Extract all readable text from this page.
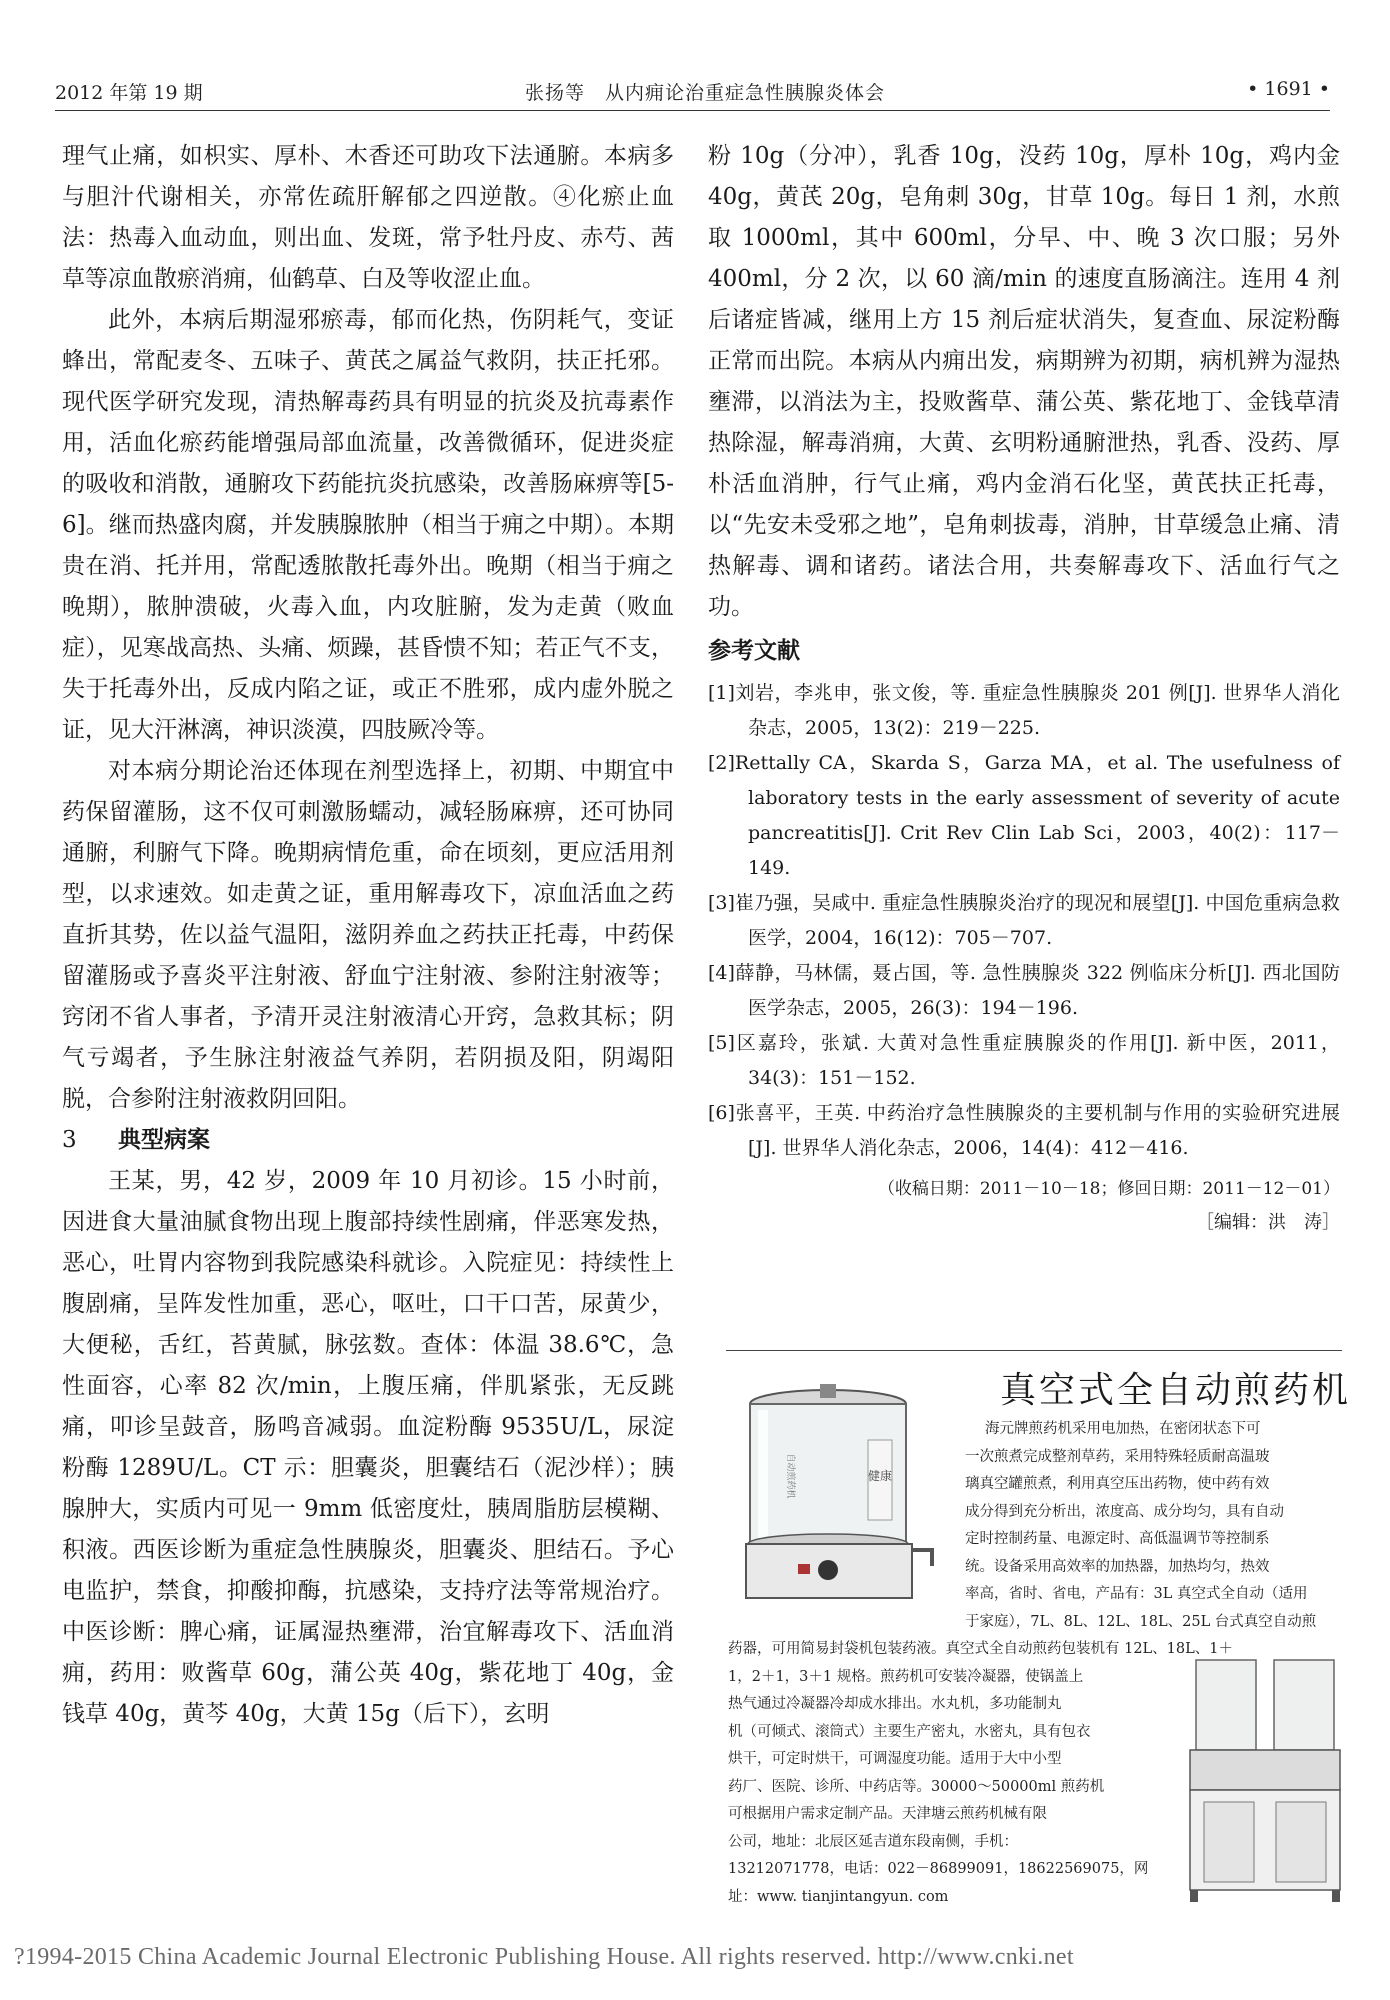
2012 年第 19 期	张扬等　从内痈论治重症急性胰腺炎体会	• 1691 •

理气止痛，如枳实、厚朴、木香还可助攻下法通腑。本病多与胆汁代谢相关，亦常佐疏肝解郁之四逆散。④化瘀止血法：热毒入血动血，则出血、发斑，常予牡丹皮、赤芍、茜草等凉血散瘀消痈，仙鹤草、白及等收涩止血。

此外，本病后期湿邪瘀毒，郁而化热，伤阴耗气，变证蜂出，常配麦冬、五味子、黄芪之属益气救阴，扶正托邪。现代医学研究发现，清热解毒药具有明显的抗炎及抗毒素作用，活血化瘀药能增强局部血流量，改善微循环，促进炎症的吸收和消散，通腑攻下药能抗炎抗感染，改善肠麻痹等[5-6]。继而热盛肉腐，并发胰腺脓肿（相当于痈之中期）。本期贵在消、托并用，常配透脓散托毒外出。晚期（相当于痈之晚期），脓肿溃破，火毒入血，内攻脏腑，发为走黄（败血症），见寒战高热、头痛、烦躁，甚昏愦不知；若正气不支，失于托毒外出，反成内陷之证，或正不胜邪，成内虚外脱之证，见大汗淋漓，神识淡漠，四肢厥冷等。

对本病分期论治还体现在剂型选择上，初期、中期宜中药保留灌肠，这不仅可刺激肠蠕动，减轻肠麻痹，还可协同通腑，利腑气下降。晚期病情危重，命在顷刻，更应活用剂型，以求速效。如走黄之证，重用解毒攻下，凉血活血之药直折其势，佐以益气温阳，滋阴养血之药扶正托毒，中药保留灌肠或予喜炎平注射液、舒血宁注射液、参附注射液等；窍闭不省人事者，予清开灵注射液清心开窍，急救其标；阴气亏竭者，予生脉注射液益气养阴，若阴损及阳，阴竭阳脱，合参附注射液救阴回阳。

3 典型病案

王某，男，42 岁，2009 年 10 月初诊。15 小时前，因进食大量油腻食物出现上腹部持续性剧痛，伴恶寒发热，恶心，吐胃内容物到我院感染科就诊。入院症见：持续性上腹剧痛，呈阵发性加重，恶心，呕吐，口干口苦，尿黄少，大便秘，舌红，苔黄腻，脉弦数。查体：体温 38.6℃，急性面容，心率 82 次/min，上腹压痛，伴肌紧张，无反跳痛，叩诊呈鼓音，肠鸣音减弱。血淀粉酶 9535U/L，尿淀粉酶 1289U/L。CT 示：胆囊炎，胆囊结石（泥沙样）；胰腺肿大，实质内可见一 9mm 低密度灶，胰周脂肪层模糊、积液。西医诊断为重症急性胰腺炎，胆囊炎、胆结石。予心电监护，禁食，抑酸抑酶，抗感染，支持疗法等常规治疗。中医诊断：脾心痛，证属湿热壅滞，治宜解毒攻下、活血消痈，药用：败酱草 60g，蒲公英 40g，紫花地丁 40g，金钱草 40g，黄芩 40g，大黄 15g（后下），玄明

粉 10g（分冲），乳香 10g，没药 10g，厚朴 10g，鸡内金 40g，黄芪 20g，皂角刺 30g，甘草 10g。每日 1 剂，水煎取 1000ml，其中 600ml，分早、中、晚 3 次口服；另外 400ml，分 2 次，以 60 滴/min 的速度直肠滴注。连用 4 剂后诸症皆减，继用上方 15 剂后症状消失，复查血、尿淀粉酶正常而出院。本病从内痈出发，病期辨为初期，病机辨为湿热壅滞，以消法为主，投败酱草、蒲公英、紫花地丁、金钱草清热除湿，解毒消痈，大黄、玄明粉通腑泄热，乳香、没药、厚朴活血消肿，行气止痛，鸡内金消石化坚，黄芪扶正托毒，以“先安未受邪之地”，皂角刺拔毒，消肿，甘草缓急止痛、清热解毒、调和诸药。诸法合用，共奏解毒攻下、活血行气之功。

参考文献

[1]刘岩，李兆申，张文俊，等. 重症急性胰腺炎 201 例[J]. 世界华人消化杂志，2005，13(2)：219－225.

[2]Rettally CA，Skarda S，Garza MA，et al. The usefulness of laboratory tests in the early assessment of severity of acute pancreatitis[J]. Crit Rev Clin Lab Sci，2003，40(2)：117－149.

[3]崔乃强，吴咸中. 重症急性胰腺炎治疗的现况和展望[J]. 中国危重病急救医学，2004，16(12)：705－707.

[4]薛静，马林儒，聂占国，等. 急性胰腺炎 322 例临床分析[J]. 西北国防医学杂志，2005，26(3)：194－196.

[5]区嘉玲，张斌. 大黄对急性重症胰腺炎的作用[J]. 新中医，2011，34(3)：151－152.

[6]张喜平，王英. 中药治疗急性胰腺炎的主要机制与作用的实验研究进展[J]. 世界华人消化杂志，2006，14(4)：412－416.

（收稿日期：2011－10－18；修回日期：2011－12－01）

［编辑：洪　涛］

真空式全自动煎药机
健康
自动煎药机
海元牌煎药机采用电加热，在密闭状态下可
一次煎煮完成整剂草药，采用特殊轻质耐高温玻
璃真空罐煎煮，利用真空压出药物，使中药有效
成分得到充分析出，浓度高、成分均匀，具有自动
定时控制药量、电源定时、高低温调节等控制系
统。设备采用高效率的加热器，加热均匀，热效
率高，省时、省电，产品有：3L 真空式全自动（适用
于家庭），7L、8L、12L、18L、25L 台式真空自动煎
药器，可用简易封袋机包装药液。真空式全自动煎药包装机有 12L、18L、1＋
1，2＋1，3＋1 规格。煎药机可安装冷凝器，使锅盖上
热气通过冷凝器冷却成水排出。水丸机，多功能制丸
机（可倾式、滚筒式）主要生产密丸，水密丸，具有包衣
烘干，可定时烘干，可调湿度功能。适用于大中小型
药厂、医院、诊所、中药店等。30000～50000ml 煎药机
可根据用户需求定制产品。天津塘云煎药机械有限
公司，地址：北辰区延吉道东段南侧，手机：
13212071778，电话：022－86899091，18622569075，网
址：www. tianjintangyun. com
?1994-2015 China Academic Journal Electronic Publishing House. All rights reserved. http://www.cnki.net
